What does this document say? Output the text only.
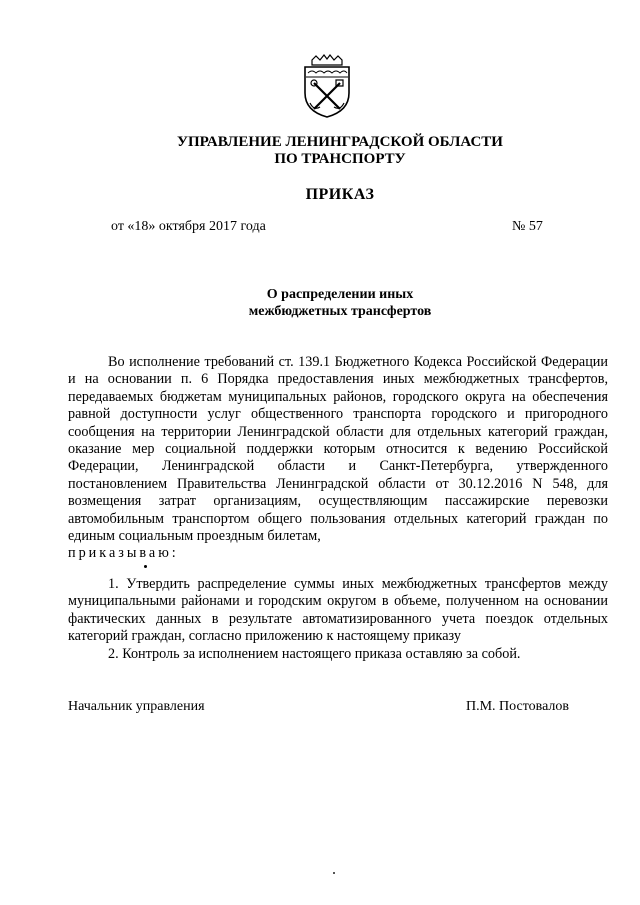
УПРАВЛЕНИЕ ЛЕНИНГРАДСКОЙ ОБЛАСТИ
ПО ТРАНСПОРТУ
ПРИКАЗ
от «18» октября 2017 года	№ 57
О распределении иных
межбюджетных трансфертов

Во исполнение требований ст. 139.1 Бюджетного Кодекса Российской Федерации и на основании п. 6 Порядка предоставления иных межбюджетных трансфертов, передаваемых бюджетам муниципальных районов, городского округа на обеспечения равной доступности услуг общественного транспорта городского и пригородного сообщения на территории Ленинградской области для отдельных категорий граждан, оказание мер социальной поддержки которым относится к ведению Российской Федерации, Ленинградской области и Санкт-Петербурга, утвержденного постановлением Правительства Ленинградской области от 30.12.2016 N 548, для возмещения затрат организациям, осуществляющим пассажирские перевозки автомобильным транспортом общего пользования отдельных категорий граждан по единым социальным проездным билетам,

приказываю:

1. Утвердить распределение суммы иных межбюджетных трансфертов между муниципальными районами и городским округом в объеме, полученном на основании фактических данных в результате автоматизированного учета поездок отдельных категорий граждан, согласно приложению к настоящему приказу

2. Контроль за исполнением настоящего приказа оставляю за собой.

Начальник управления	П.М. Постовалов
